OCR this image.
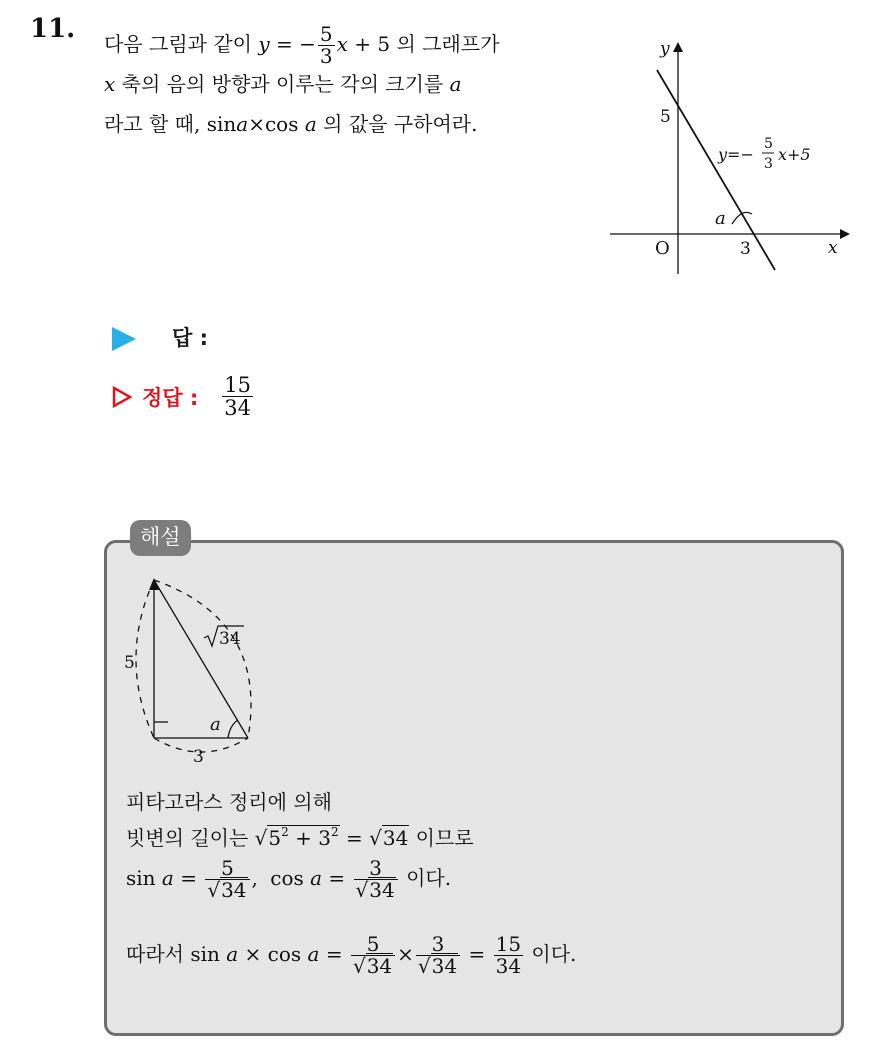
11. 다음 그림과 같이 y = − $\frac{5}{3}$ x + 5 의 그래프가
x 축의 음의 방향과 이루는 각의 크기를 a
라고 할 때, sina×cos a 의 값을 구하여라.
y
x
O
5
3
a
y=−
5
3 x+5
답 :
정답 : $\frac{15}{34}$
해설
5
3
a
34
피타고라스 정리에 의해
빗변의 길이는 $√5^2 + 3^2 = √34$ 이므로
$\sin a = \frac{5}{√34}$ , $\cos a = \frac{3}{√34}$ 이다.
따라서 $\sin a \times \cos a = \frac{5}{√34} \times \frac{3}{√34} = \frac{15}{34}$ 이다.
